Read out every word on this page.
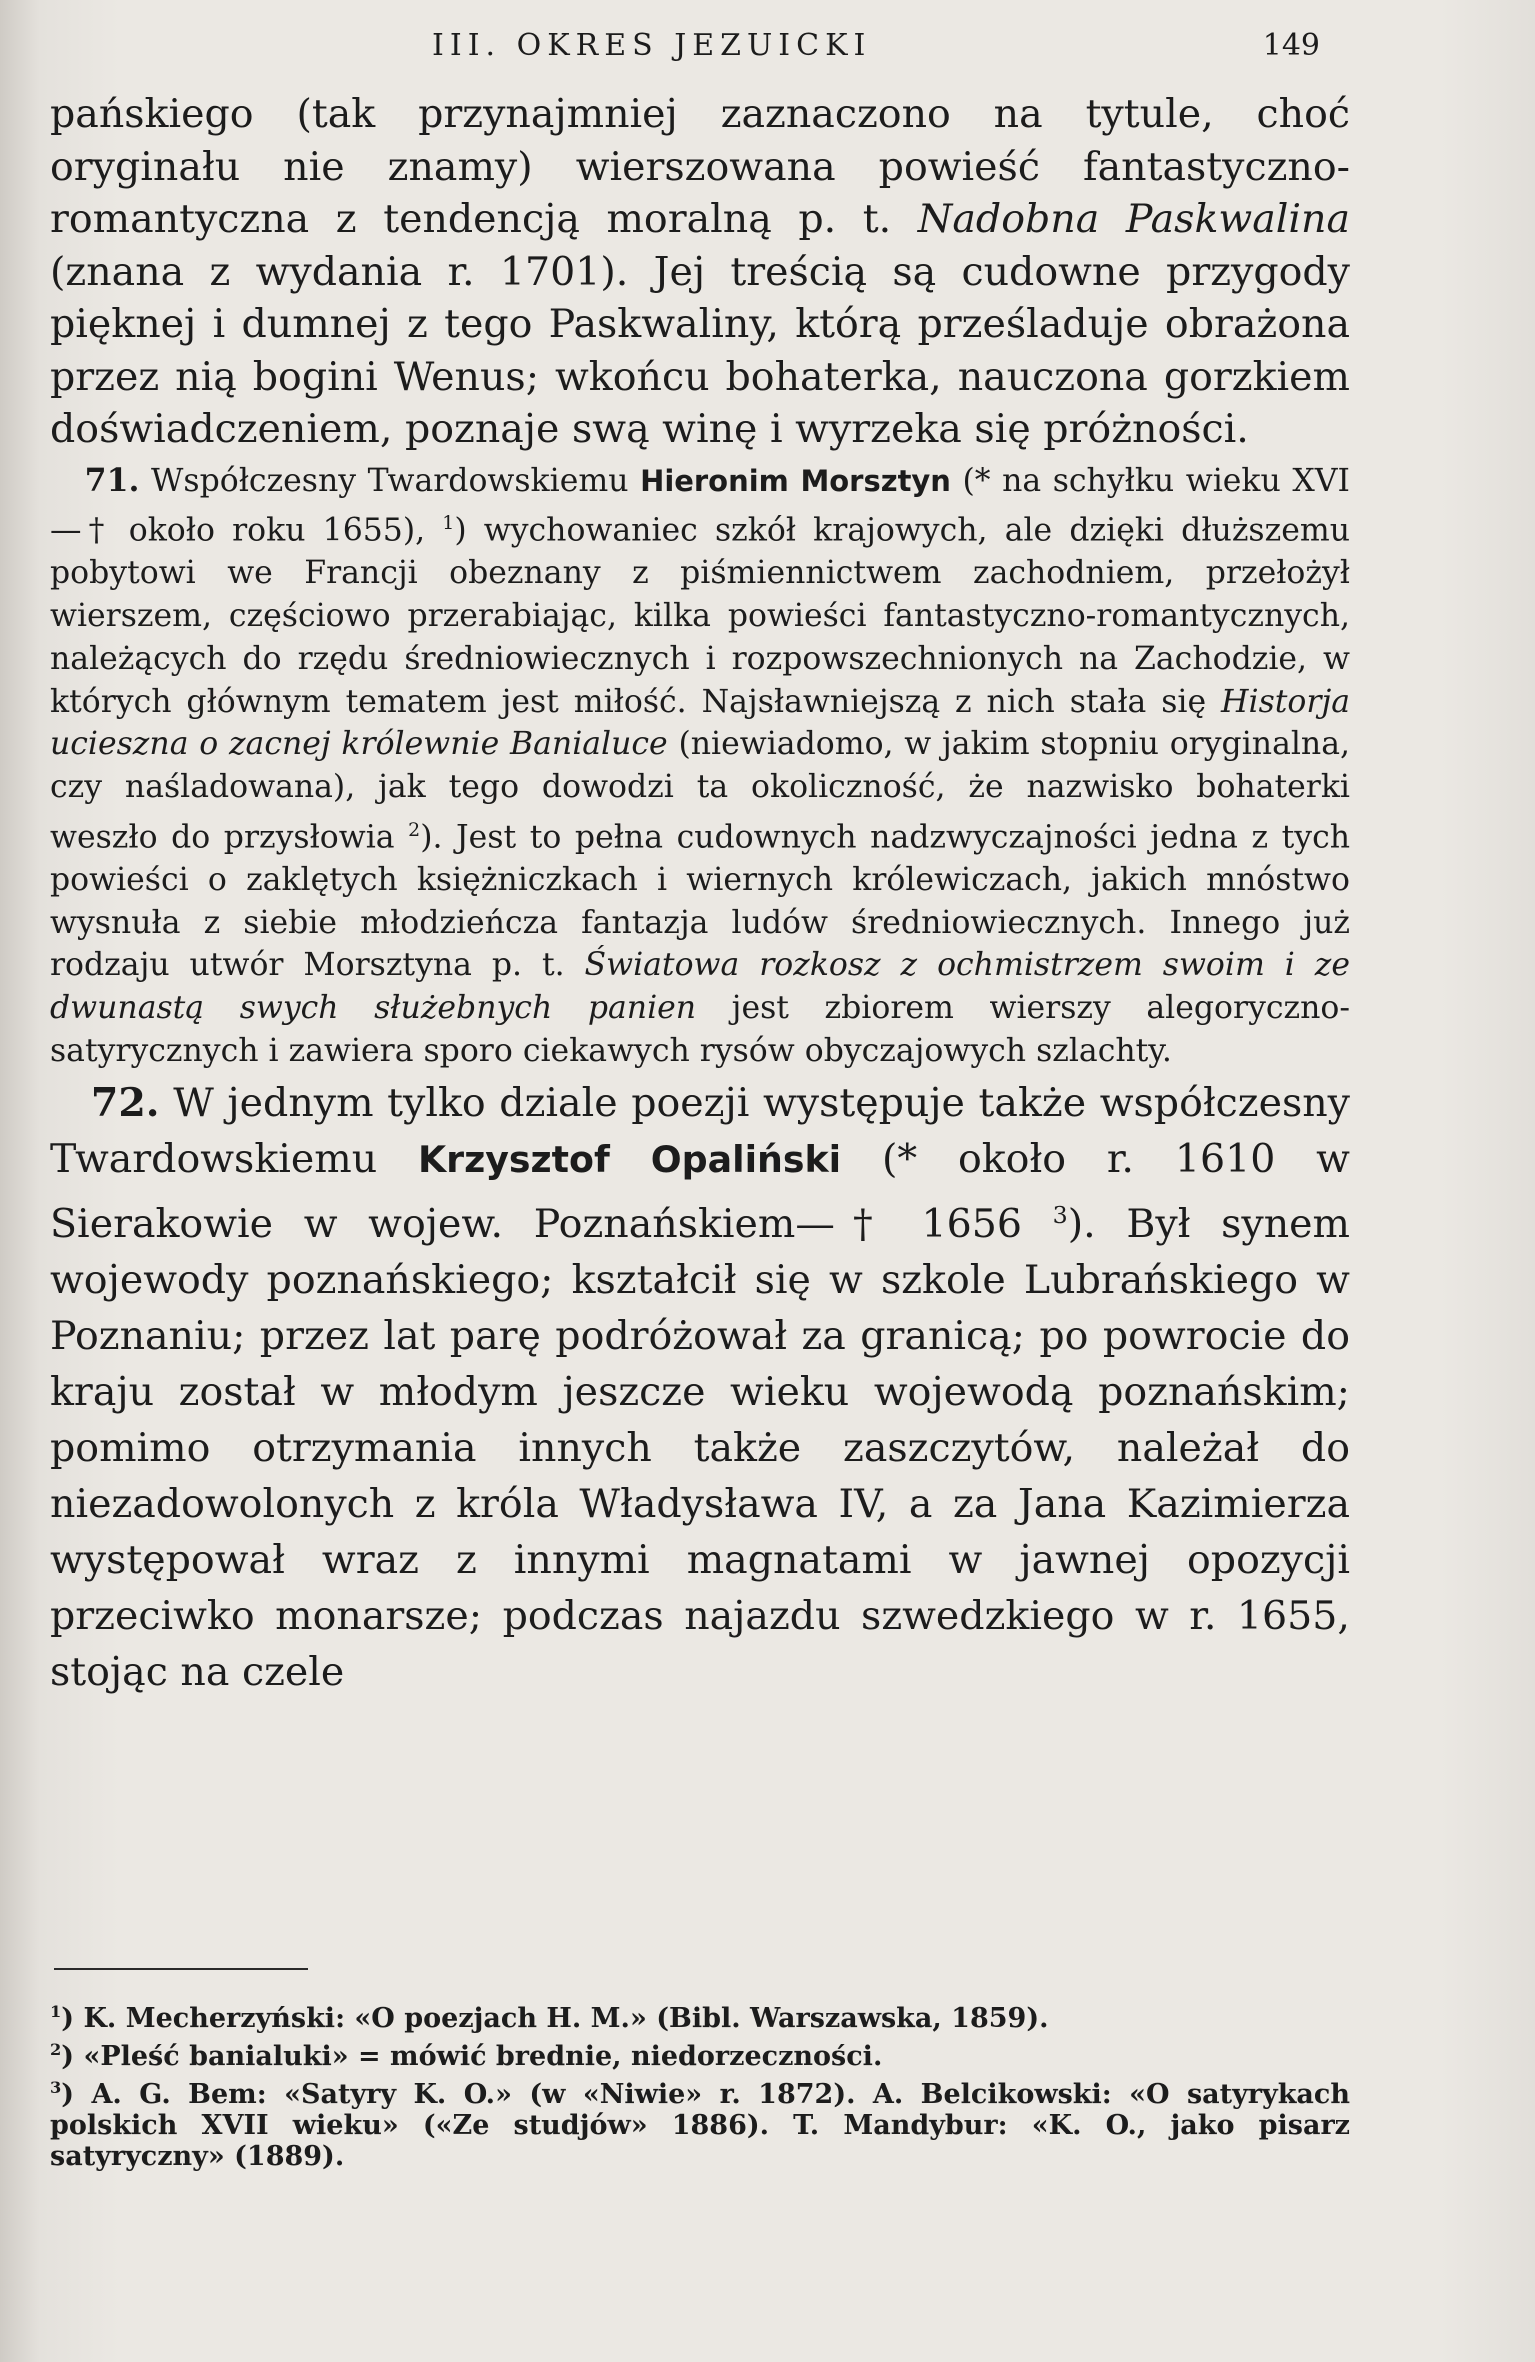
III. OKRES JEZUICKI	149

pańskiego (tak przynajmniej zaznaczono na tytule, choć oryginału nie znamy) wierszowana powieść fantastyczno-romantyczna z tendencją moralną p. t. Nadobna Paskwalina (znana z wydania r. 1701). Jej treścią są cudowne przygody pięknej i dumnej z tego Paskwaliny, którą prześladuje obrażona przez nią bogini Wenus; wkońcu bohaterka, nauczona gorzkiem doświadczeniem, poznaje swą winę i wyrzeka się próżności.

71. Współczesny Twardowskiemu Hieronim Morsztyn (* na schyłku wieku XVI—† około roku 1655), $^1$) wychowaniec szkół krajowych, ale dzięki dłuższemu pobytowi we Francji obeznany z piśmiennictwem zachodniem, przełożył wierszem, częściowo przerabiając, kilka powieści fantastyczno-romantycznych, należących do rzędu średniowiecznych i rozpowszechnionych na Zachodzie, w których głównym tematem jest miłość. Najsławniejszą z nich stała się Historja ucieszna o zacnej królewnie Banialuce (niewiadomo, w jakim stopniu oryginalna, czy naśladowana), jak tego dowodzi ta okoliczność, że nazwisko bohaterki weszło do przysłowia $^2$). Jest to pełna cudownych nadzwyczajności jedna z tych powieści o zaklętych księżniczkach i wiernych królewiczach, jakich mnóstwo wysnuła z siebie młodzieńcza fantazja ludów średniowiecznych. Innego już rodzaju utwór Morsztyna p. t. Światowa rozkosz z ochmistrzem swoim i ze dwunastą swych służebnych panien jest zbiorem wierszy alegoryczno-satyrycznych i zawiera sporo ciekawych rysów obyczajowych szlachty.

72. W jednym tylko dziale poezji występuje także współczesny Twardowskiemu Krzysztof Opaliński (* około r. 1610 w Sierakowie w wojew. Poznańskiem—† 1656 $^3$). Był synem wojewody poznańskiego; kształcił się w szkole Lubrańskiego w Poznaniu; przez lat parę podróżował za granicą; po powrocie do kraju został w młodym jeszcze wieku wojewodą poznańskim; pomimo otrzymania innych także zaszczytów, należał do niezadowolonych z króla Władysława IV, a za Jana Kazimierza występował wraz z innymi magnatami w jawnej opozycji przeciwko monarsze; podczas najazdu szwedzkiego w r. 1655, stojąc na czele

$^1$) K. Mecherzyński: «O poezjach H. M.» (Bibl. Warszawska, 1859).

$^2$) «Pleść banialuki» = mówić brednie, niedorzeczności.

$^3$) A. G. Bem: «Satyry K. O.» (w «Niwie» r. 1872). A. Belcikowski: «O satyrykach polskich XVII wieku» («Ze studjów» 1886). T. Mandybur: «K. O., jako pisarz satyryczny» (1889).
